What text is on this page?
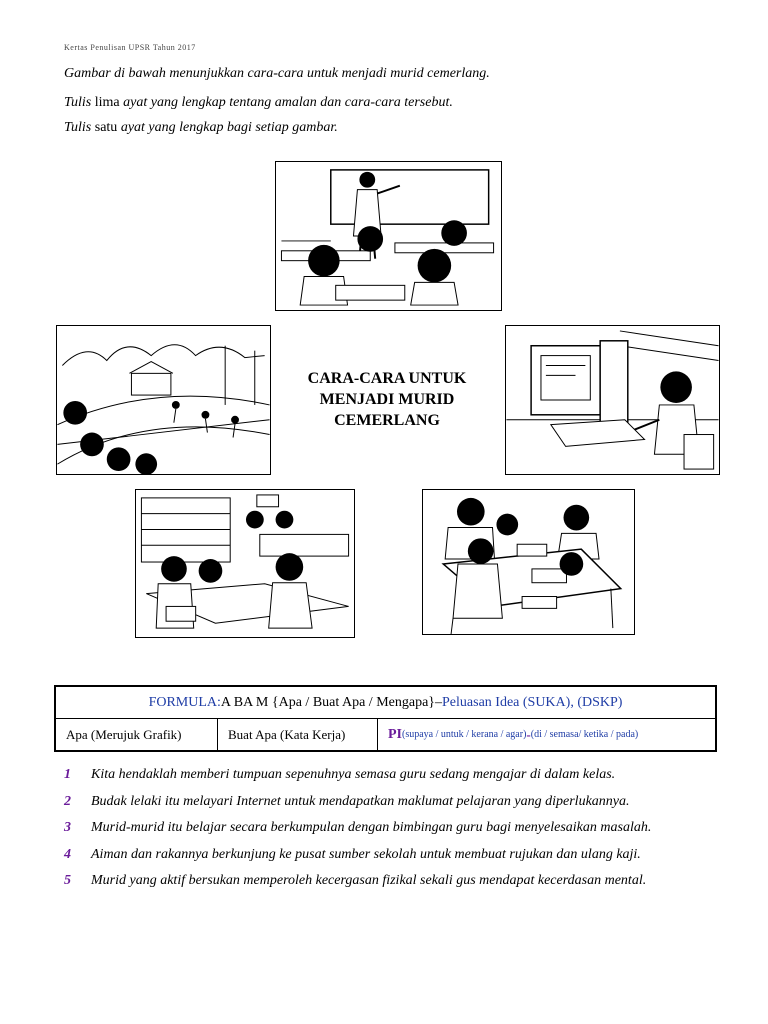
Kertas Penulisan UPSR Tahun 2017
Gambar di bawah menunjukkan cara-cara untuk menjadi murid cemerlang.
Tulis lima ayat yang lengkap tentang amalan dan cara-cara tersebut.
Tulis satu ayat yang lengkap bagi setiap gambar.
CARA-CARA UNTUK
MENJADI MURID
CEMERLANG
FORMULA : A BA M {Apa / Buat Apa / Mengapa} – Peluasan Idea (SUKA), (DSKP)
Apa (Merujuk Grafik)	Buat Apa (Kata Kerja)	PI (supaya / untuk / kerana / agar) - (di / semasa/ ketika / pada)
1	Kita hendaklah memberi tumpuan sepenuhnya semasa guru sedang mengajar di dalam kelas.
2	Budak lelaki itu melayari Internet untuk mendapatkan maklumat pelajaran yang diperlukannya.
3	Murid-murid itu belajar secara berkumpulan dengan bimbingan guru bagi menyelesaikan masalah.
4	Aiman dan rakannya berkunjung ke pusat sumber sekolah untuk membuat rujukan dan ulang kaji.
5	Murid yang aktif bersukan memperoleh kecergasan fizikal sekali gus mendapat kecerdasan mental.
